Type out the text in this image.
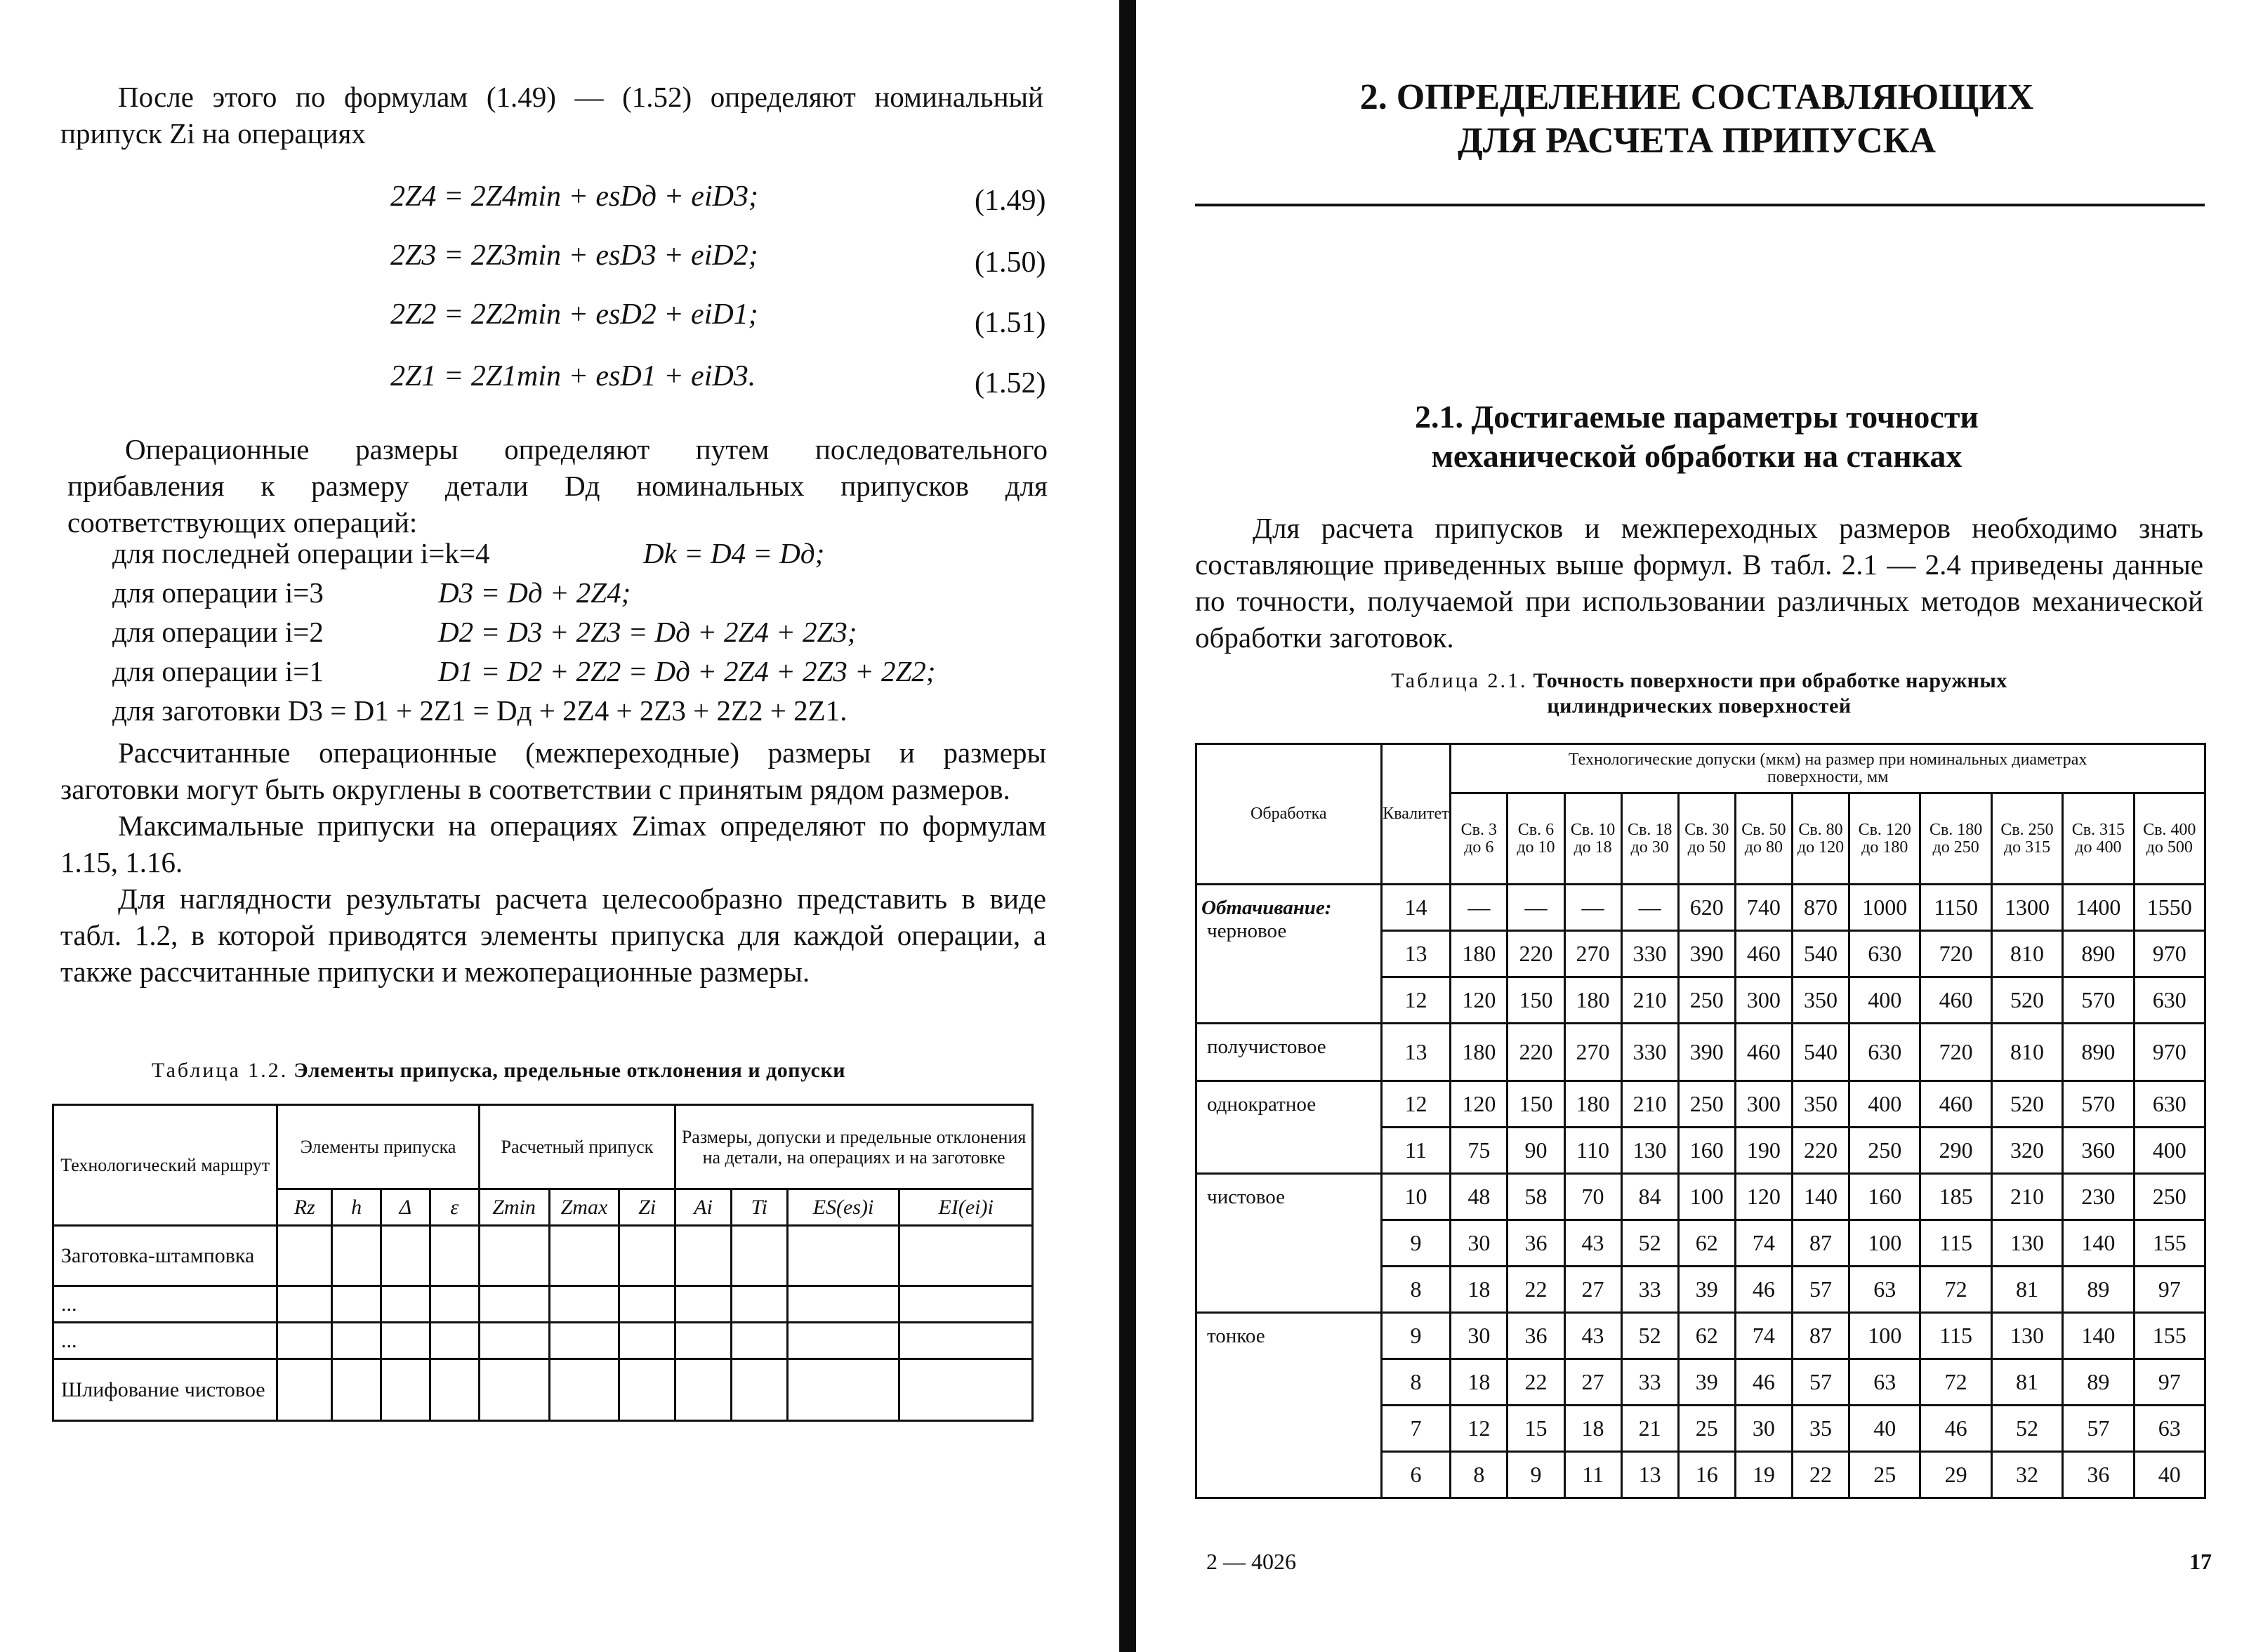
После этого по формулам (1.49) — (1.52) определяют номинальный припуск Zi на операциях

2Z4 = 2Z4min + esDд + eiD3;	(1.49)
2Z3 = 2Z3min + esD3 + eiD2;	(1.50)
2Z2 = 2Z2min + esD2 + eiD1;	(1.51)
2Z1 = 2Z1min + esD1 + eiD3.	(1.52)

Операционные размеры определяют путем последовательного прибавления к размеру детали Dд номинальных припусков для соответствующих операций:

для последней операции i=k=4	Dk = D4 = Dд;
для операции i=3	D3 = Dд + 2Z4;
для операции i=2	D2 = D3 + 2Z3 = Dд + 2Z4 + 2Z3;
для операции i=1	D1 = D2 + 2Z2 = Dд + 2Z4 + 2Z3 + 2Z2;
для заготовки D3 = D1 + 2Z1 = Dд + 2Z4 + 2Z3 + 2Z2 + 2Z1.

Рассчитанные операционные (межпереходные) размеры и размеры заготовки могут быть округлены в соответствии с принятым рядом размеров.

Максимальные припуски на операциях Zimax определяют по формулам 1.15, 1.16.

Для наглядности результаты расчета целесообразно представить в виде табл. 1.2, в которой приводятся элементы припуска для каждой операции, а также рассчитанные припуски и межоперационные размеры.

Таблица 1.2. Элементы припуска, предельные отклонения и допуски
Технологический маршрут	Элементы припуска				Расчетный припуск			Размеры, допуски и предельные отклонения на детали, на операциях и на заготовке			
	Rz	h	Δ	ε	Zmin	Zmax	Zi	Ai	Ti	ES(es)i	EI(ei)i
Заготовка-штамповка											
...											
...											
Шлифование чистовое											
2. ОПРЕДЕЛЕНИЕ СОСТАВЛЯЮЩИХ ДЛЯ РАСЧЕТА ПРИПУСКА
2.1. Достигаемые параметры точности механической обработки на станках

Для расчета припусков и межпереходных размеров необходимо знать составляющие приведенных выше формул. В табл. 2.1 — 2.4 приведены данные по точности, получаемой при использовании различных методов механической обработки заготовок.

Таблица 2.1. Точность поверхности при обработке наружных цилиндрических поверхностей
Обработка	Квалитет	Технологические допуски (мкм) на размер при номинальных диаметрах поверхности, мм											
		Св. 3 до 6	Св. 6 до 10	Св. 10 до 18	Св. 18 до 30	Св. 30 до 50	Св. 50 до 80	Св. 80 до 120	Св. 120 до 180	Св. 180 до 250	Св. 250 до 315	Св. 315 до 400	Св. 400 до 500

Обтачивание:
черновое	14	—	—	—	—	620	740	870	1000	1150	1300	1400	1550
	13	180	220	270	330	390	460	540	630	720	810	890	970
	12	120	150	180	210	250	300	350	400	460	520	570	630

получистовое	13	180	220	270	330	390	460	540	630	720	810	890	970

однократное	12	120	150	180	210	250	300	350	400	460	520	570	630
	11	75	90	110	130	160	190	220	250	290	320	360	400

чистовое	10	48	58	70	84	100	120	140	160	185	210	230	250
	9	30	36	43	52	62	74	87	100	115	130	140	155
	8	18	22	27	33	39	46	57	63	72	81	89	97

тонкое	9	30	36	43	52	62	74	87	100	115	130	140	155
	8	18	22	27	33	39	46	57	63	72	81	89	97
	7	12	15	18	21	25	30	35	40	46	52	57	63
	6	8	9	11	13	16	19	22	25	29	32	36	40
2 — 4026	17
